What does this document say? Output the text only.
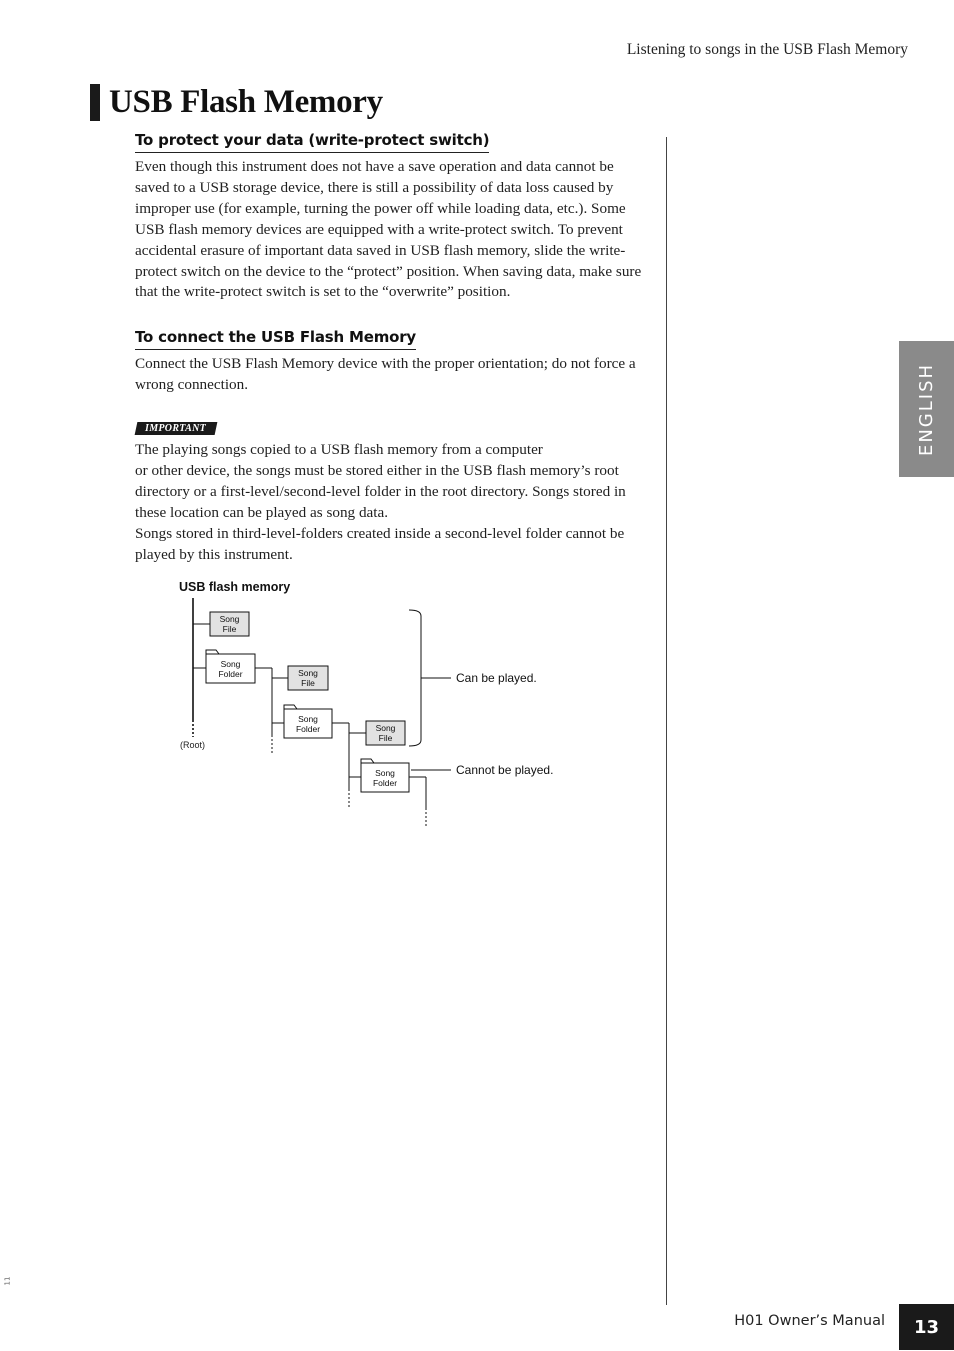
Listening to songs in the USB Flash Memory
USB Flash Memory
To protect your data (write-protect switch)

Even though this instrument does not have a save operation and data cannot be saved to a USB storage device, there is still a possibility of data loss caused by improper use (for example, turning the power off while loading data, etc.). Some USB flash memory devices are equipped with a write-protect switch. To prevent accidental erasure of important data saved in USB flash memory, slide the write-protect switch on the device to the “protect” position. When saving data, make sure that the write-protect switch is set to the “overwrite” position.

To connect the USB Flash Memory

Connect the USB Flash Memory device with the proper orientation; do not force a wrong connection.

IMPORTANT

The playing songs copied to a USB flash memory from a computer

or other device, the songs must be stored either in the USB flash memory’s root directory or a first-level/second-level folder in the root directory. Songs stored in these location can be played as song data.

Songs stored in third-level-folders created inside a second-level folder cannot be played by this instrument.

USB flash memory
(Root)
Song
File
Song
Folder	Song
File
Song
Folder	Song
File
Song
Folder
Can be played.
Cannot be played.
ENGLISH
11
H01 Owner’s Manual 13
